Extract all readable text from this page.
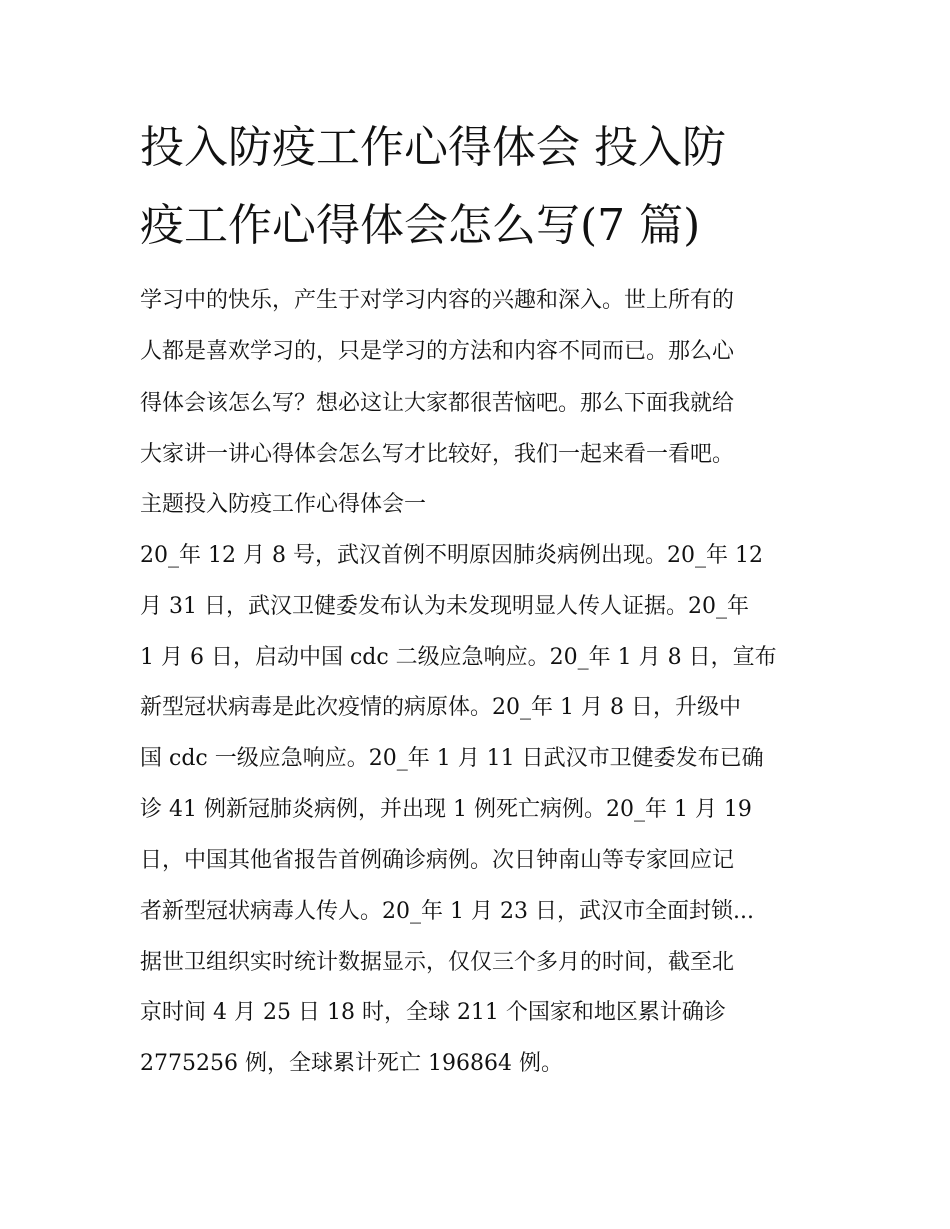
投入防疫工作心得体会 投入防
疫工作心得体会怎么写(7 篇)
学习中的快乐，产生于对学习内容的兴趣和深入。世上所有的
人都是喜欢学习的，只是学习的方法和内容不同而已。那么心
得体会该怎么写？想必这让大家都很苦恼吧。那么下面我就给
大家讲一讲心得体会怎么写才比较好，我们一起来看一看吧。
主题投入防疫工作心得体会一
20_年 12 月 8 号，武汉首例不明原因肺炎病例出现。20_年 12
月 31 日，武汉卫健委发布认为未发现明显人传人证据。20_年
1 月 6 日，启动中国 cdc 二级应急响应。20_年 1 月 8 日，宣布
新型冠状病毒是此次疫情的病原体。20_年 1 月 8 日，升级中
国 cdc 一级应急响应。20_年 1 月 11 日武汉市卫健委发布已确
诊 41 例新冠肺炎病例，并出现 1 例死亡病例。20_年 1 月 19
日，中国其他省报告首例确诊病例。次日钟南山等专家回应记
者新型冠状病毒人传人。20_年 1 月 23 日，武汉市全面封锁...
据世卫组织实时统计数据显示，仅仅三个多月的时间，截至北
京时间 4 月 25 日 18 时，全球 211 个国家和地区累计确诊
2775256 例，全球累计死亡 196864 例。
